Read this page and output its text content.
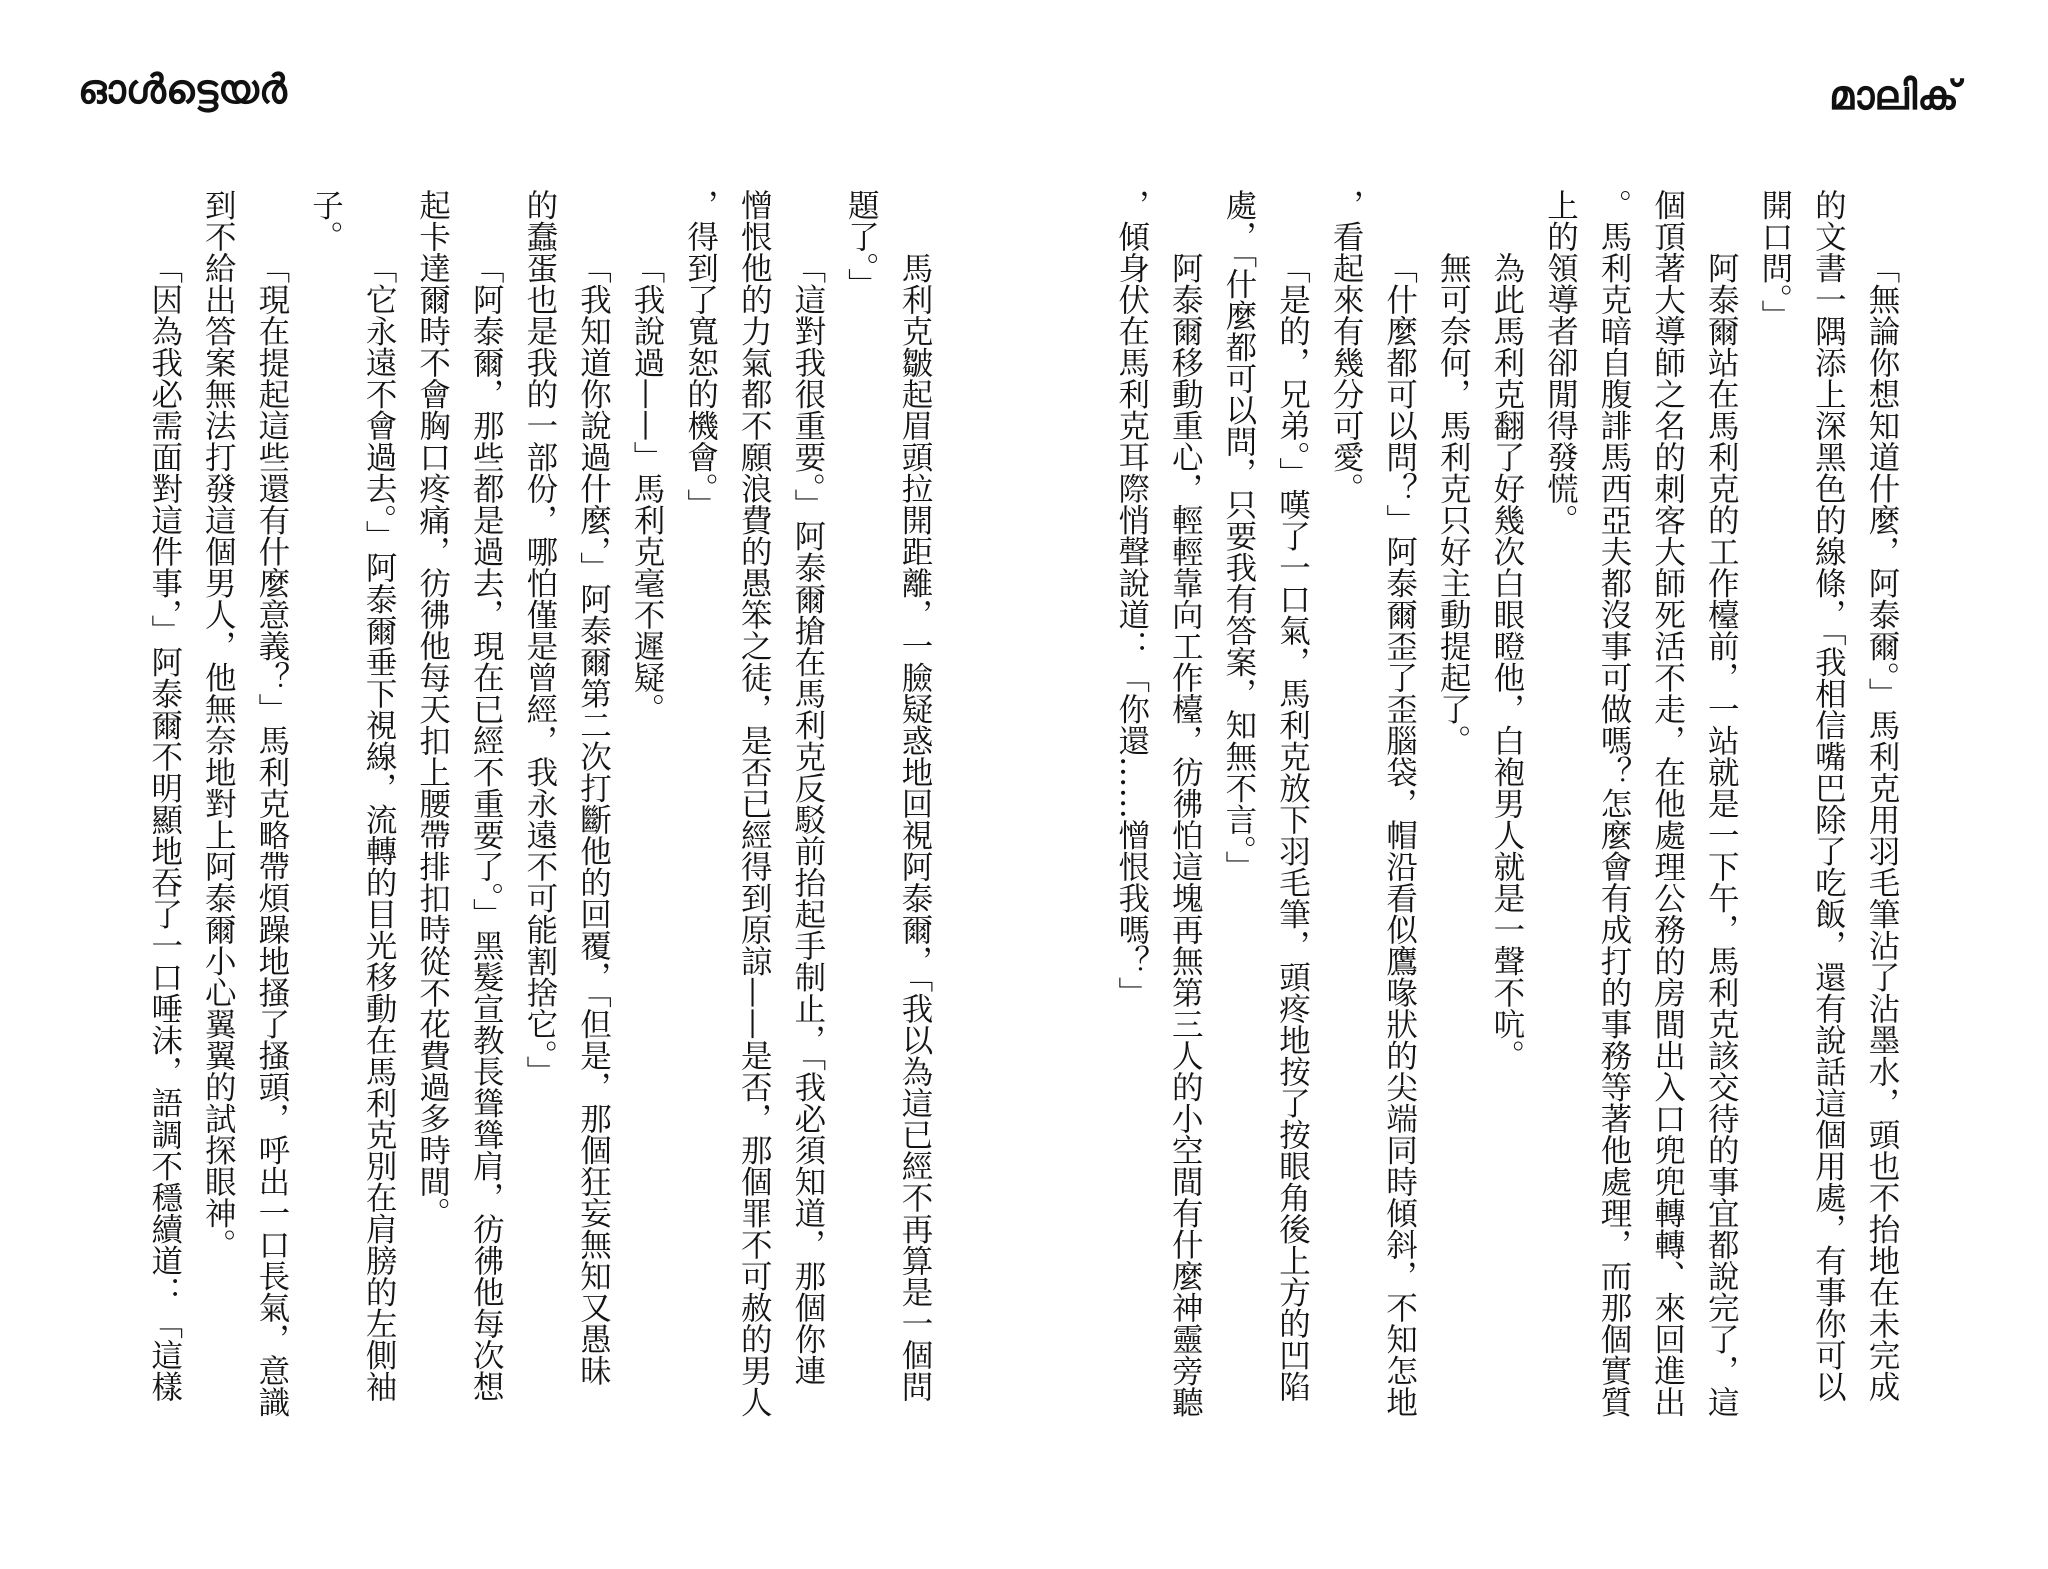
ഓൾട്ടെയർ	മാലിക്
「無論你想知道什麼，阿泰爾。」馬利克用羽毛筆沾了沾墨水，頭也不抬地在未完成
的文書一隅添上深黑色的線條，「我相信嘴巴除了吃飯，還有說話這個用處，有事你可以
開口問。」
阿泰爾站在馬利克的工作檯前，一站就是一下午，馬利克該交待的事宜都說完了，這
個頂著大導師之名的刺客大師死活不走，在他處理公務的房間出入口兜兜轉轉、來回進出
。馬利克暗自腹誹馬西亞夫都沒事可做嗎？怎麼會有成打的事務等著他處理，而那個實質
上的領導者卻閒得發慌。
為此馬利克翻了好幾次白眼瞪他，白袍男人就是一聲不吭。
無可奈何，馬利克只好主動提起了。
「什麼都可以問？」阿泰爾歪了歪腦袋，帽沿看似鷹喙狀的尖端同時傾斜，不知怎地
，看起來有幾分可愛。
「是的，兄弟。」嘆了一口氣，馬利克放下羽毛筆，頭疼地按了按眼角後上方的凹陷
處，「什麼都可以問，只要我有答案，知無不言。」
阿泰爾移動重心，輕輕靠向工作檯，彷彿怕這塊再無第三人的小空間有什麼神靈旁聽
，傾身伏在馬利克耳際悄聲說道：「你還……憎恨我嗎？」
馬利克皺起眉頭拉開距離，一臉疑惑地回視阿泰爾，「我以為這已經不再算是一個問
題了。」
「這對我很重要。」阿泰爾搶在馬利克反駁前抬起手制止，「我必須知道，那個你連
憎恨他的力氣都不願浪費的愚笨之徒，是否已經得到原諒——是否，那個罪不可赦的男人
，得到了寬恕的機會。」
「我說過——」馬利克毫不遲疑。
「我知道你說過什麼，」阿泰爾第二次打斷他的回覆，「但是，那個狂妄無知又愚昧
的蠢蛋也是我的一部份，哪怕僅是曾經，我永遠不可能割捨它。」
「阿泰爾，那些都是過去，現在已經不重要了。」黑髮宣教長聳聳肩，彷彿他每次想
起卡達爾時不會胸口疼痛，彷彿他每天扣上腰帶排扣時從不花費過多時間。
「它永遠不會過去。」阿泰爾垂下視線，流轉的目光移動在馬利克別在肩膀的左側袖
子。
「現在提起這些還有什麼意義？」馬利克略帶煩躁地搔了搔頭，呼出一口長氣，意識
到不給出答案無法打發這個男人，他無奈地對上阿泰爾小心翼翼的試探眼神。
「因為我必需面對這件事，」阿泰爾不明顯地吞了一口唾沫，語調不穩續道：「這樣
